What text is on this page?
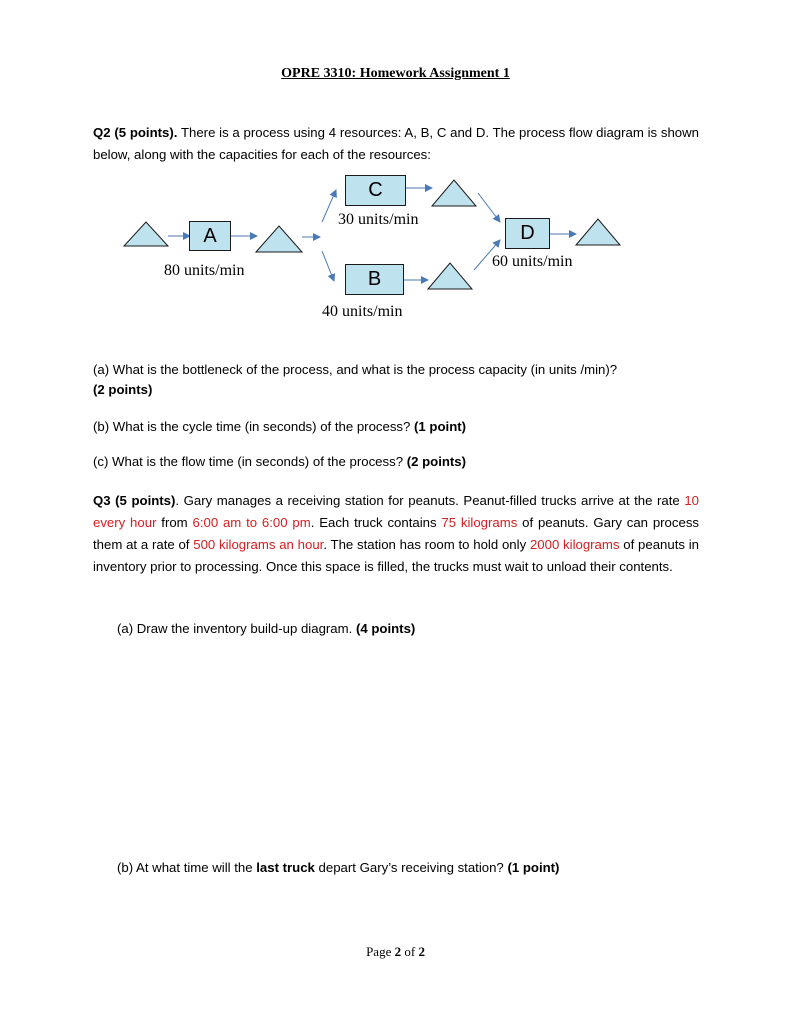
OPRE 3310: Homework Assignment 1
Q2 (5 points). There is a process using 4 resources: A, B, C and D. The process flow diagram is shown below, along with the capacities for each of the resources:
A
C
B
D
80 units/min
30 units/min
40 units/min
60 units/min
(a) What is the bottleneck of the process, and what is the process capacity (in units /min)?
(2 points)
(b) What is the cycle time (in seconds) of the process? (1 point)
(c) What is the flow time (in seconds) of the process? (2 points)
Q3 (5 points). Gary manages a receiving station for peanuts. Peanut-filled trucks arrive at the rate 10 every hour from 6:00 am to 6:00 pm. Each truck contains 75 kilograms of peanuts. Gary can process them at a rate of 500 kilograms an hour. The station has room to hold only 2000 kilograms of peanuts in inventory prior to processing. Once this space is filled, the trucks must wait to unload their contents.
(a) Draw the inventory build-up diagram. (4 points)
(b) At what time will the last truck depart Gary’s receiving station? (1 point)
Page 2 of 2
